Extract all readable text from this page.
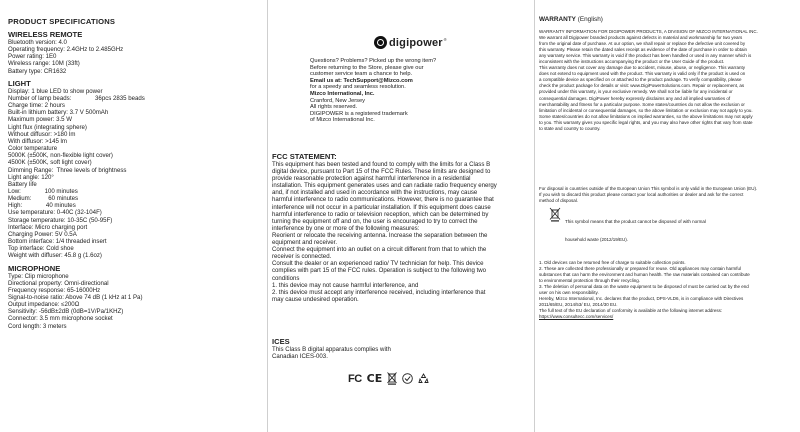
PRODUCT SPECIFICATIONS
WIRELESS REMOTE
Bluetooth version: 4.0
Operating frequency: 2.4GHz to 2.485GHz
Power rating: 1E0
Wireless range: 10M (33ft)
Battery type: CR1632
LIGHT
Display: 1 blue LED to show power
Number of lamp beads:              36pcs 2835 beads
Charge time: 2 hours
Built-in lithium battery: 3.7 V 500mAh
Maximum power: 3.5 W
Light flux (integrating sphere)
Without diffusor: >180 lm
With diffusor: >145 lm
Color temperature
5000K (±500K, non-flexible light cover)
4500K (±500K, soft light cover)
Dimming Range:  Three levels of brightness
Light angle: 120°
Battery life
Low:              100 minutes
Medium:          60 minutes
High:              40 minutes
Use temperature: 0-40C (32-104F)
Storage temperature: 10-35C (50-95F)
Interface: Micro charging port
Charging Power: 5V 0.5A
Bottom interface: 1/4 threaded insert
Top interface: Cold shoe
Weight with diffuser: 45.8 g (1.6oz)
MICROPHONE
Type: Clip microphone
Directional property: Omni-directional
Frequency response: 65-16000Hz
Signal-to-noise ratio: Above 74 dB (1 kHz at 1 Pa)
Output impedance: ≤200Ω
Sensitivity: -56dB±2dB (0dB=1V/Pa/1KHZ)
Connector: 3.5 mm microphone socket
Cord length: 3 meters
digipower ®
Questions? Problems? Picked up the wrong item?
Before returning to the Store, please give our
customer service team a chance to help.
Email us at: TechSupport@Mizco.com
for a speedy and seamless resolution.
Mizco International, Inc.
Cranford, New Jersey
All rights reserved.
DIGIPOWER is a registered trademark
of Mizco International Inc.
FCC STATEMENT:
This equipment has been tested and found to comply with the limits for a Class B
digital device, pursuant to Part 15 of the FCC Rules. These limits are designed to
provide reasonable protection against harmful interference in a residential
installation. This equipment generates uses and can radiate radio frequency energy
and, if not installed and used in accordance with the instructions, may cause
harmful interference to radio communications. However, there is no guarantee that
interference will not occur in a particular installation. If this equipment does cause
harmful interference to radio or television reception, which can be determined by
turning the equipment off and on, the user is encouraged to try to correct the
interference by one or more of the following measures:
Reorient or relocate the receiving antenna. Increase the separation between the
equipment and receiver.
Connect the equipment into an outlet on a circuit different from that to which the
receiver is connected.
Consult the dealer or an experienced radio/ TV technician for help. This device
complies with part 15 of the FCC rules. Operation is subject to the following two
conditions
1. this device may not cause harmful interference, and
2. this device must accept any interference received, including interference that
may cause undesired operation.
ICES
This Class B digital apparatus complies with
Canadian ICES-003.
FC CE
WARRANTY (English)
WARRANTY INFORMATION FOR DIGIPOWER PRODUCTS, A DIVISION OF MIZCO INTERNATIONAL INC.
We warrant all Digipower branded products against defects in material and workmanship for two years
from the original date of purchase. At our option, we shall repair or replace the defective unit covered by
this warranty. Please retain the dated sales receipt as evidence of the date of purchase in order to obtain
any warranty service. This warranty is void if the product has been handled or used in any manner which is
inconsistent with the instructions accompanying the product or the User Guide of the product.
This warranty does not cover any damage due to accident, misuse, abuse, or negligence. This warranty
does not extend to equipment used with the product. This warranty is valid only if the product is used on
a compatible device as specified on or attached to the product package. To verify compatibility, please
check the product package for details or visit: www.DigiPowerSolutions.com. Repair or replacement, as
provided under this warranty, is your exclusive remedy. We shall not be liable for any incidental or
consequential damages. DigiPower hereby expressly disclaims any and all implied warranties of
merchantability and fitness for a particular purpose. Some states/countries do not allow the exclusion or
limitation of incidental or consequential damages, so the above limitation or exclusion may not apply to you.
Some states/countries do not allow limitations on implied warranties, so the above limitations may not apply
to you. This warranty gives you specific legal rights, and you may also have other rights that vary from state
to state and country to country.
For disposal in countries outside of the European Union This symbol is only valid in the European Union (EU).
If you wish to discard this product please contact your local authorities or dealer and ask for the correct
method of disposal.

This symbol means that the product cannot be disposed of with normal

household waste (2012/19/EU).

1. Old devices can be returned free of charge to suitable collection points.
2. These are collected there professionally or prepared for reuse. Old appliances may contain harmful
substances that can harm the environment and human health. The raw materials contained can contribute
to environmental protection through their recycling.
3. The deletion of personal data on the waste equipment to be disposed of must be carried out by the end
user on his own responsibility.
Hereby, Mizco International, Inc. declares that the product, DPS-VLD6, is in compliance with Directives
2011/65/EU, 2014/53/ EU, 2014/30 EU.
The full text of the EU declaration of conformity is available at the following internet address:
https://www.consultecc.com/services/
